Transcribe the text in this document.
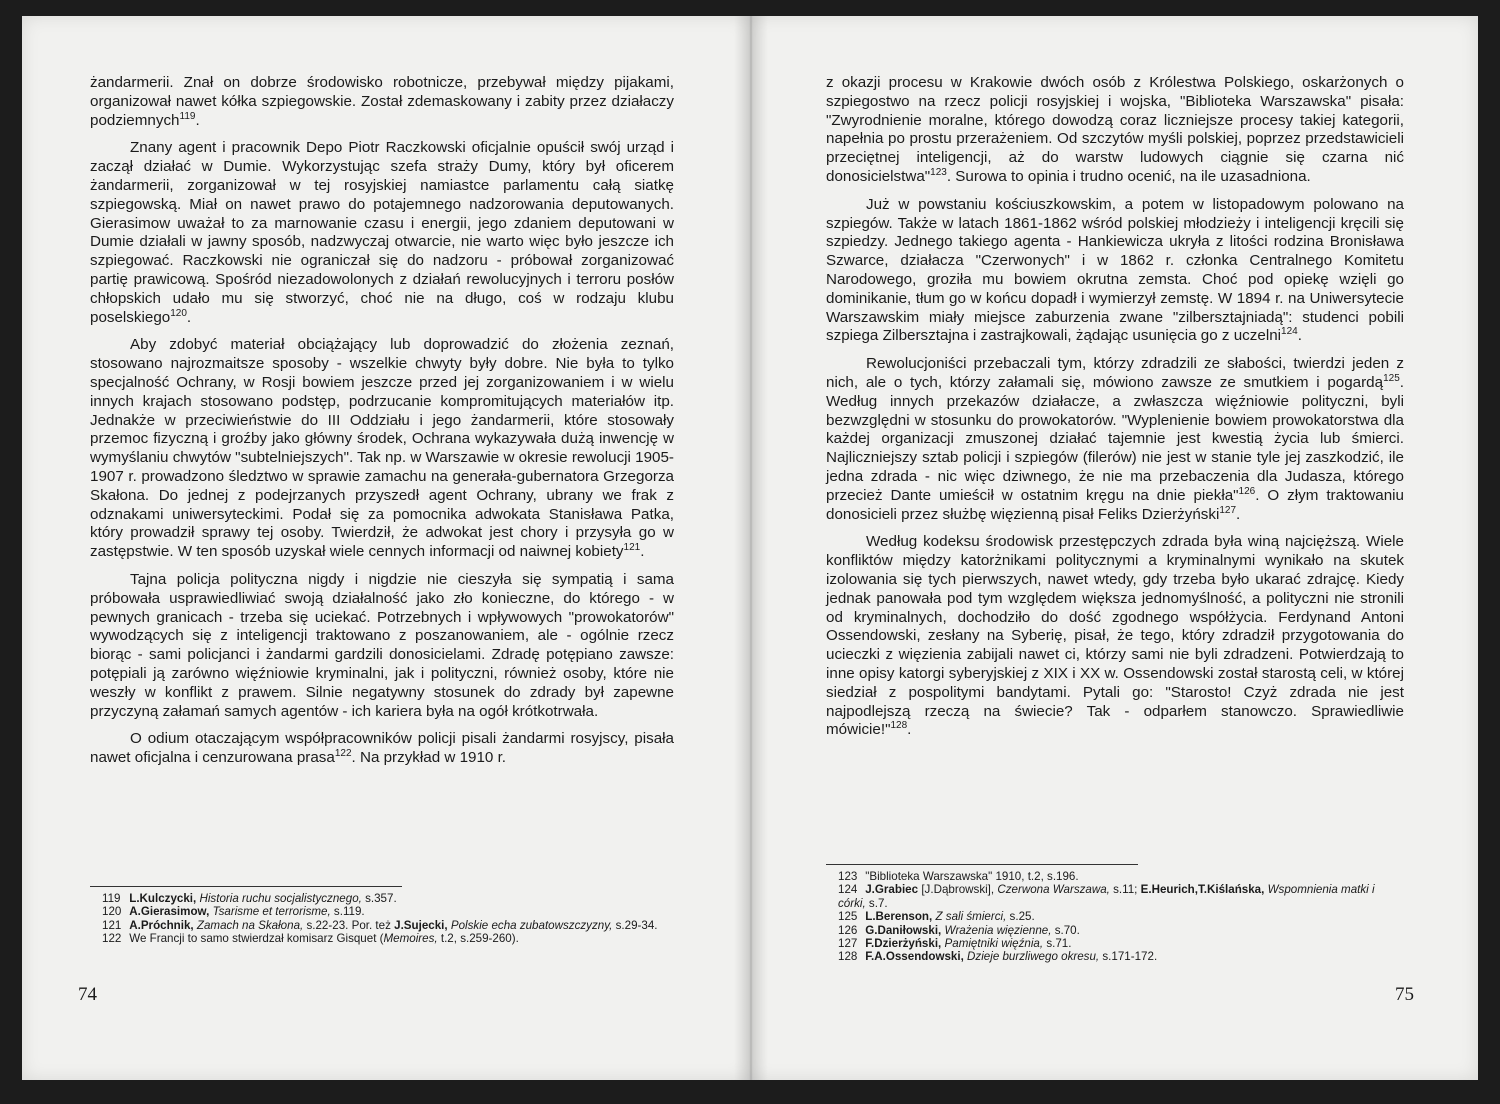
żandarmerii. Znał on dobrze środowisko robotnicze, przebywał między pijakami, organizował nawet kółka szpiegowskie. Został zdemaskowany i zabity przez działaczy podziemnych$^{119}$.

Znany agent i pracownik Depo Piotr Raczkowski oficjalnie opuścił swój urząd i zaczął działać w Dumie. Wykorzystując szefa straży Dumy, który był oficerem żandarmerii, zorganizował w tej rosyjskiej namiastce parlamentu całą siatkę szpiegowską. Miał on nawet prawo do potajemnego nadzorowania deputowanych. Gierasimow uważał to za marnowanie czasu i energii, jego zdaniem deputowani w Dumie działali w jawny sposób, nadzwyczaj otwarcie, nie warto więc było jeszcze ich szpiegować. Raczkowski nie ograniczał się do nadzoru - próbował zorganizować partię prawicową. Spośród niezadowolonych z działań rewolucyjnych i terroru posłów chłopskich udało mu się stworzyć, choć nie na długo, coś w rodzaju klubu poselskiego$^{120}$.

Aby zdobyć materiał obciążający lub doprowadzić do złożenia zeznań, stosowano najrozmaitsze sposoby - wszelkie chwyty były dobre. Nie była to tylko specjalność Ochrany, w Rosji bowiem jeszcze przed jej zorganizowaniem i w wielu innych krajach stosowano podstęp, podrzucanie kompromitujących materiałów itp. Jednakże w przeciwieństwie do III Oddziału i jego żandarmerii, które stosowały przemoc fizyczną i groźby jako główny środek, Ochrana wykazywała dużą inwencję w wymyślaniu chwytów "subtelniejszych". Tak np. w Warszawie w okresie rewolucji 1905-1907 r. prowadzono śledztwo w sprawie zamachu na generała-gubernatora Grzegorza Skałona. Do jednej z podejrzanych przyszedł agent Ochrany, ubrany we frak z odznakami uniwersyteckimi. Podał się za pomocnika adwokata Stanisława Patka, który prowadził sprawy tej osoby. Twierdził, że adwokat jest chory i przysyła go w zastępstwie. W ten sposób uzyskał wiele cennych informacji od naiwnej kobiety$^{121}$.

Tajna policja polityczna nigdy i nigdzie nie cieszyła się sympatią i sama próbowała usprawiedliwiać swoją działalność jako zło konieczne, do którego - w pewnych granicach - trzeba się uciekać. Potrzebnych i wpływowych "prowokatorów" wywodzących się z inteligencji traktowano z poszanowaniem, ale - ogólnie rzecz biorąc - sami policjanci i żandarmi gardzili donosicielami. Zdradę potępiano zawsze: potępiali ją zarówno więźniowie kryminalni, jak i polityczni, również osoby, które nie weszły w konflikt z prawem. Silnie negatywny stosunek do zdrady był zapewne przyczyną załamań samych agentów - ich kariera była na ogół krótkotrwała.

O odium otaczającym współpracowników policji pisali żandarmi rosyjscy, pisała nawet oficjalna i cenzurowana prasa$^{122}$. Na przykład w 1910 r.

119 L.Kulczycki, Historia ruchu socjalistycznego, s.357.
120 A.Gierasimow, Tsarisme et terrorisme, s.119.
121 A.Próchnik, Zamach na Skałona, s.22-23. Por. też J.Sujecki, Polskie echa zubatowszczyzny, s.29-34.
122 We Francji to samo stwierdzał komisarz Gisquet (Memoires, t.2, s.259-260).
74

z okazji procesu w Krakowie dwóch osób z Królestwa Polskiego, oskarżonych o szpiegostwo na rzecz policji rosyjskiej i wojska, "Biblioteka Warszawska" pisała: "Zwyrodnienie moralne, którego dowodzą coraz liczniejsze procesy takiej kategorii, napełnia po prostu przerażeniem. Od szczytów myśli polskiej, poprzez przedstawicieli przeciętnej inteligencji, aż do warstw ludowych ciągnie się czarna nić donosicielstwa"$^{123}$. Surowa to opinia i trudno ocenić, na ile uzasadniona.

Już w powstaniu kościuszkowskim, a potem w listopadowym polowano na szpiegów. Także w latach 1861-1862 wśród polskiej młodzieży i inteligencji kręcili się szpiedzy. Jednego takiego agenta - Hankiewicza ukryła z litości rodzina Bronisława Szwarce, działacza "Czerwonych" i w 1862 r. członka Centralnego Komitetu Narodowego, groziła mu bowiem okrutna zemsta. Choć pod opiekę wzięli go dominikanie, tłum go w końcu dopadł i wymierzył zemstę. W 1894 r. na Uniwersytecie Warszawskim miały miejsce zaburzenia zwane "zilbersztajniadą": studenci pobili szpiega Zilbersztajna i zastrajkowali, żądając usunięcia go z uczelni$^{124}$.

Rewolucjoniści przebaczali tym, którzy zdradzili ze słabości, twierdzi jeden z nich, ale o tych, którzy załamali się, mówiono zawsze ze smutkiem i pogardą$^{125}$. Według innych przekazów działacze, a zwłaszcza więźniowie polityczni, byli bezwzględni w stosunku do prowokatorów. "Wyplenienie bowiem prowokatorstwa dla każdej organizacji zmuszonej działać tajemnie jest kwestią życia lub śmierci. Najliczniejszy sztab policji i szpiegów (filerów) nie jest w stanie tyle jej zaszkodzić, ile jedna zdrada - nic więc dziwnego, że nie ma przebaczenia dla Judasza, którego przecież Dante umieścił w ostatnim kręgu na dnie piekła"$^{126}$. O złym traktowaniu donosicieli przez służbę więzienną pisał Feliks Dzierżyński$^{127}$.

Według kodeksu środowisk przestępczych zdrada była winą najcięższą. Wiele konfliktów między katorżnikami politycznymi a kryminalnymi wynikało na skutek izolowania się tych pierwszych, nawet wtedy, gdy trzeba było ukarać zdrajcę. Kiedy jednak panowała pod tym względem większa jednomyślność, a polityczni nie stronili od kryminalnych, dochodziło do dość zgodnego współżycia. Ferdynand Antoni Ossendowski, zesłany na Syberię, pisał, że tego, który zdradził przygotowania do ucieczki z więzienia zabijali nawet ci, którzy sami nie byli zdradzeni. Potwierdzają to inne opisy katorgi syberyjskiej z XIX i XX w. Ossendowski został starostą celi, w której siedział z pospolitymi bandytami. Pytali go: "Starosto! Czyż zdrada nie jest najpodlejszą rzeczą na świecie? Tak - odparłem stanowczo. Sprawiedliwie mówicie!"$^{128}$.

123 "Biblioteka Warszawska" 1910, t.2, s.196.
124 J.Grabiec [J.Dąbrowski], Czerwona Warszawa, s.11; E.Heurich,T.Kiślańska, Wspomnienia matki i córki, s.7.
125 L.Berenson, Z sali śmierci, s.25.
126 G.Daniłowski, Wrażenia więzienne, s.70.
127 F.Dzierżyński, Pamiętniki więźnia, s.71.
128 F.A.Ossendowski, Dzieje burzliwego okresu, s.171-172.
75
